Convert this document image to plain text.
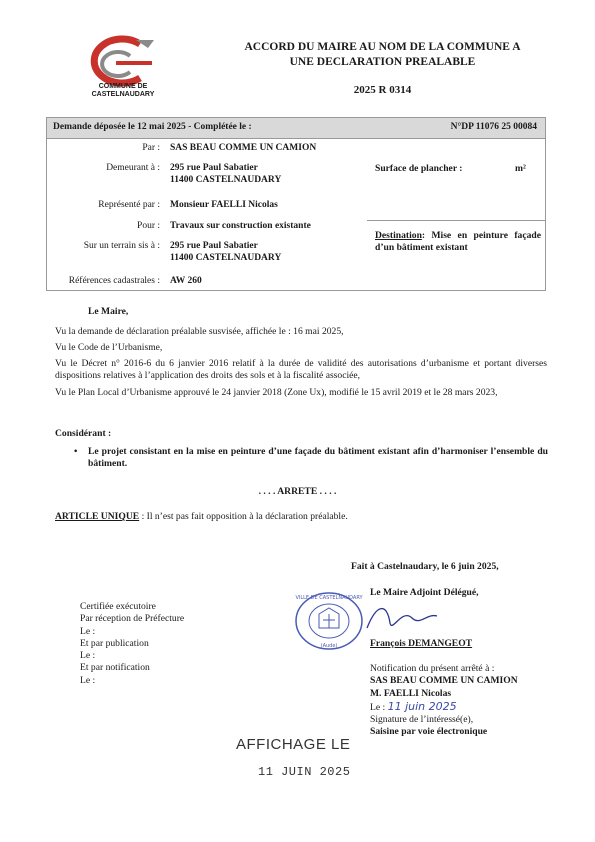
COMMUNE DE
CASTELNAUDARY
ACCORD DU MAIRE AU NOM DE LA COMMUNE A
UNE DECLARATION PREALABLE
2025 R 0314
Demande déposée le 12 mai 2025 - Complétée le :	N°DP 11076 25 00084
Par : SAS BEAU COMME UN CAMION
Demeurant à : 295 rue Paul Sabatier
11400 CASTELNAUDARY
Surface de plancher :	m²
Représenté par : Monsieur FAELLI Nicolas
Pour : Travaux sur construction existante
Destination: Mise en peinture façade d’un bâtiment existant
Sur un terrain sis à : 295 rue Paul Sabatier
11400 CASTELNAUDARY
Références cadastrales : AW 260
Le Maire,
Vu la demande de déclaration préalable susvisée, affichée le : 16 mai 2025,
Vu le Code de l’Urbanisme,
Vu le Décret n° 2016-6 du 6 janvier 2016 relatif à la durée de validité des autorisations d’urbanisme et portant diverses dispositions relatives à l’application des droits des sols et à la fiscalité associée,
Vu le Plan Local d’Urbanisme approuvé le 24 janvier 2018 (Zone Ux), modifié le 15 avril 2019 et le 28 mars 2023,
Considérant :
• Le projet consistant en la mise en peinture d’une façade du bâtiment existant afin d’harmoniser l’ensemble du bâtiment.
. . . . ARRETE . . . .
ARTICLE UNIQUE : Il n’est pas fait opposition à la déclaration préalable.
Fait à Castelnaudary, le 6 juin 2025,
Le Maire Adjoint Délégué,
VILLE DE CASTELNAUDARY
(Aude)	François DEMANGEOT
Certifiée exécutoire
Par réception de Préfecture
Le :
Et par publication
Le :
Et par notification
Le :
Notification du présent arrêté à :
SAS BEAU COMME UN CAMION
M. FAELLI Nicolas
Le : 11 juin 2025
Signature de l’intéressé(e),
Saisine par voie électronique
AFFICHAGE LE
11 JUIN 2025
